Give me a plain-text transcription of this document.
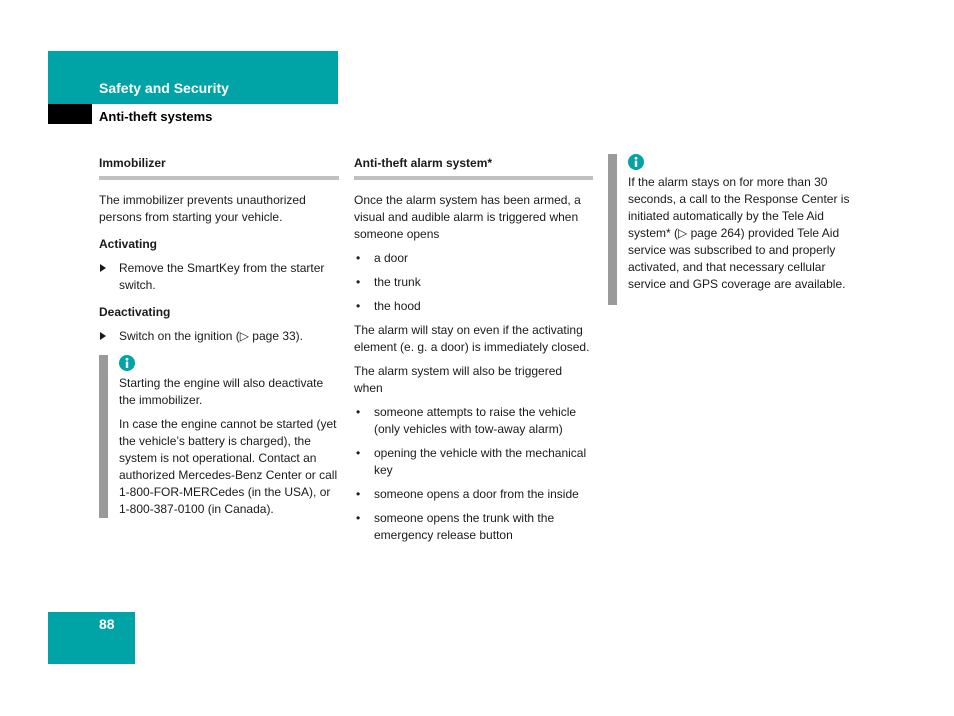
Safety and Security
Anti-theft systems
Immobilizer

The immobilizer prevents unauthorized persons from starting your vehicle.

Activating
Remove the SmartKey from the starter switch.
Deactivating
Switch on the ignition (▷ page 33).

Starting the engine will also deactivate the immobilizer.

In case the engine cannot be started (yet the vehicle’s battery is charged), the system is not operational. Contact an authorized Mercedes-Benz Center or call 1-800-FOR-MERCedes (in the USA), or 1-800-387-0100 (in Canada).

Anti-theft alarm system*

Once the alarm system has been armed, a visual and audible alarm is triggered when someone opens

• a door
• the trunk
• the hood

The alarm will stay on even if the activating element (e. g. a door) is immediately closed.

The alarm system will also be triggered when

• someone attempts to raise the vehicle (only vehicles with tow-away alarm)
• opening the vehicle with the mechanical key
• someone opens a door from the inside
• someone opens the trunk with the emergency release button

If the alarm stays on for more than 30 seconds, a call to the Response Center is initiated automatically by the Tele Aid system* (▷ page 264) provided Tele Aid service was subscribed to and properly activated, and that necessary cellular service and GPS coverage are available.

88
